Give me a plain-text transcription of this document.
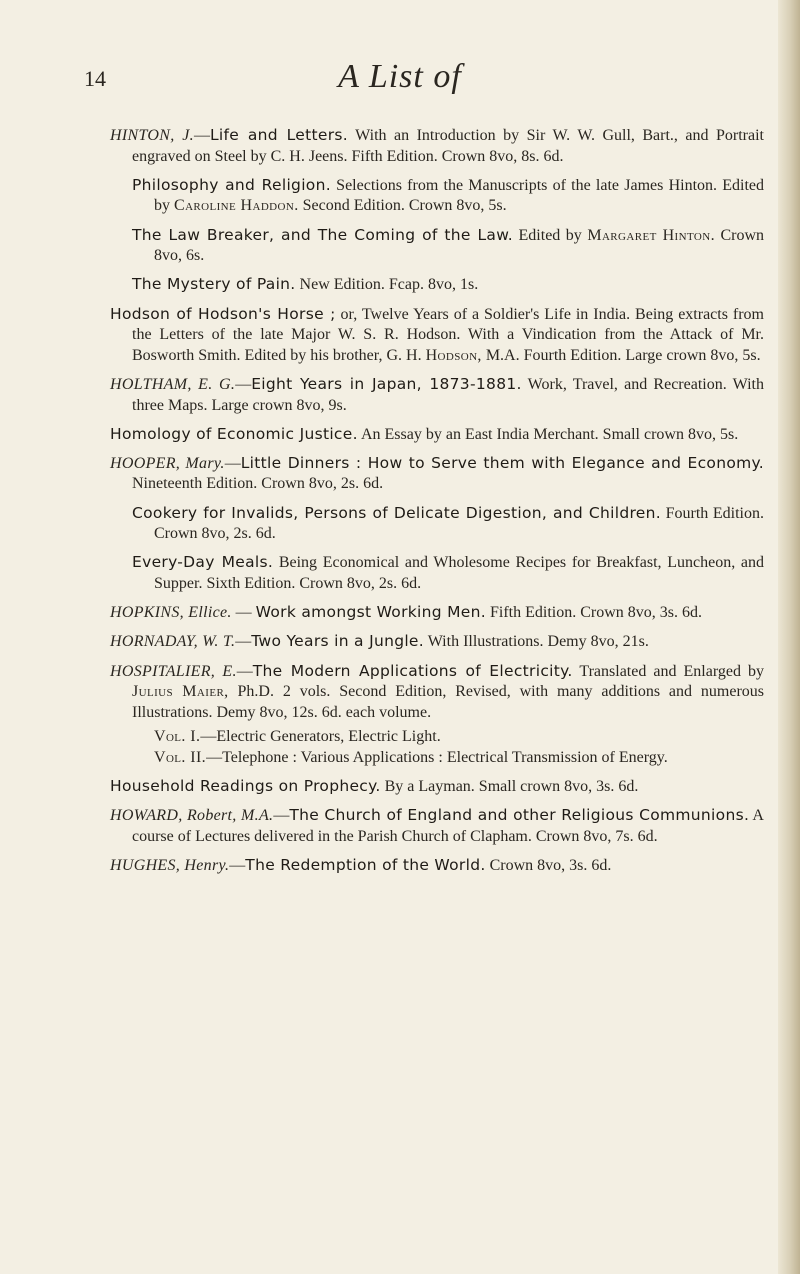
14	A List of

HINTON, J.—Life and Letters. With an Introduction by Sir W. W. Gull, Bart., and Portrait engraved on Steel by C. H. Jeens. Fifth Edition. Crown 8vo, 8s. 6d.

Philosophy and Religion. Selections from the Manuscripts of the late James Hinton. Edited by Caroline Haddon. Second Edition. Crown 8vo, 5s.

The Law Breaker, and The Coming of the Law. Edited by Margaret Hinton. Crown 8vo, 6s.

The Mystery of Pain. New Edition. Fcap. 8vo, 1s.

Hodson of Hodson's Horse ; or, Twelve Years of a Soldier's Life in India. Being extracts from the Letters of the late Major W. S. R. Hodson. With a Vindication from the Attack of Mr. Bosworth Smith. Edited by his brother, G. H. Hodson, M.A. Fourth Edition. Large crown 8vo, 5s.

HOLTHAM, E. G.—Eight Years in Japan, 1873-1881. Work, Travel, and Recreation. With three Maps. Large crown 8vo, 9s.

Homology of Economic Justice. An Essay by an East India Merchant. Small crown 8vo, 5s.

HOOPER, Mary.—Little Dinners : How to Serve them with Elegance and Economy. Nineteenth Edition. Crown 8vo, 2s. 6d.

Cookery for Invalids, Persons of Delicate Digestion, and Children. Fourth Edition. Crown 8vo, 2s. 6d.

Every-Day Meals. Being Economical and Wholesome Recipes for Breakfast, Luncheon, and Supper. Sixth Edition. Crown 8vo, 2s. 6d.

HOPKINS, Ellice. — Work amongst Working Men. Fifth Edition. Crown 8vo, 3s. 6d.

HORNADAY, W. T.—Two Years in a Jungle. With Illustrations. Demy 8vo, 21s.

HOSPITALIER, E.—The Modern Applications of Electricity. Translated and Enlarged by Julius Maier, Ph.D. 2 vols. Second Edition, Revised, with many additions and numerous Illustrations. Demy 8vo, 12s. 6d. each volume.

Vol. I.—Electric Generators, Electric Light.
Vol. II.—Telephone : Various Applications : Electrical Transmission of Energy.

Household Readings on Prophecy. By a Layman. Small crown 8vo, 3s. 6d.

HOWARD, Robert, M.A.—The Church of England and other Religious Communions. A course of Lectures delivered in the Parish Church of Clapham. Crown 8vo, 7s. 6d.

HUGHES, Henry.—The Redemption of the World. Crown 8vo, 3s. 6d.
